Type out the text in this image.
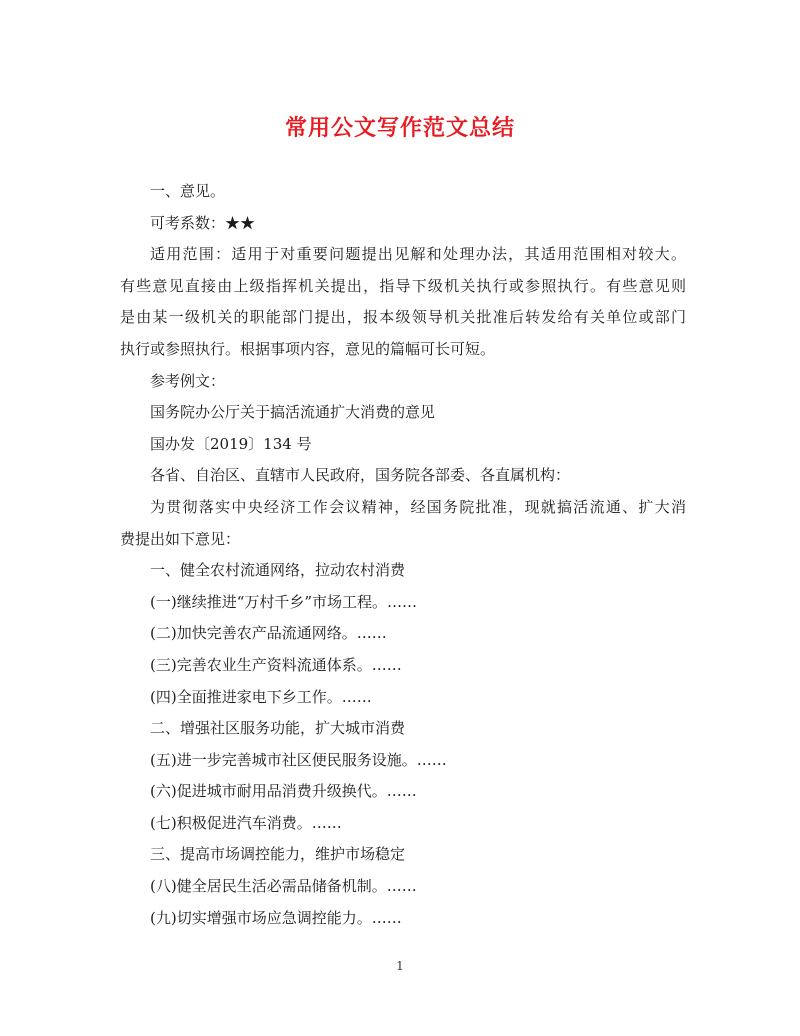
常用公文写作范文总结

一、意见。

可考系数：★★

适用范围：适用于对重要问题提出见解和处理办法，其适用范围相对较大。

有些意见直接由上级指挥机关提出，指导下级机关执行或参照执行。有些意见则

是由某一级机关的职能部门提出，报本级领导机关批准后转发给有关单位或部门

执行或参照执行。根据事项内容，意见的篇幅可长可短。

参考例文：

国务院办公厅关于搞活流通扩大消费的意见

国办发〔2019〕134 号

各省、自治区、直辖市人民政府，国务院各部委、各直属机构：

为贯彻落实中央经济工作会议精神，经国务院批准，现就搞活流通、扩大消

费提出如下意见：

一、健全农村流通网络，拉动农村消费

(一)继续推进“万村千乡”市场工程。……

(二)加快完善农产品流通网络。……

(三)完善农业生产资料流通体系。……

(四)全面推进家电下乡工作。……

二、增强社区服务功能，扩大城市消费

(五)进一步完善城市社区便民服务设施。……

(六)促进城市耐用品消费升级换代。……

(七)积极促进汽车消费。……

三、提高市场调控能力，维护市场稳定

(八)健全居民生活必需品储备机制。……

(九)切实增强市场应急调控能力。……

1
